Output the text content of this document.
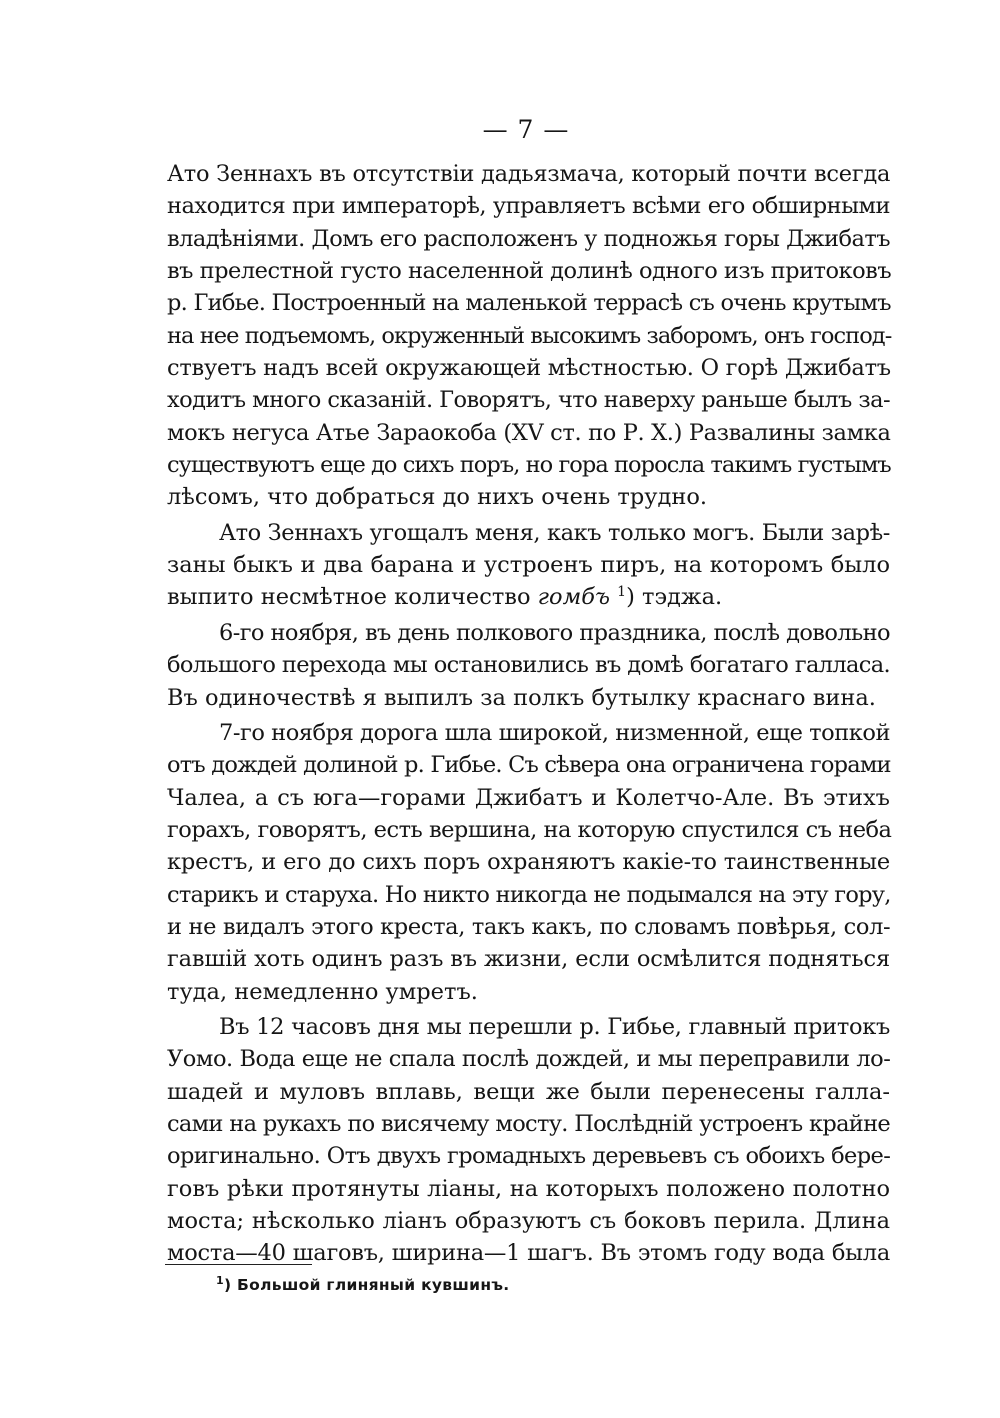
— 7 —
Ато Зеннахъ въ отсутствіи дадьязмача, который почти всегда
находится при императорѣ, управляетъ всѣми его обширными
владѣніями. Домъ его расположенъ у подножья горы Джибатъ
въ прелестной густо населенной долинѣ одного изъ притоковъ
р. Гибье. Построенный на маленькой террасѣ съ очень крутымъ
на нее подъемомъ, окруженный высокимъ заборомъ, онъ господ-
ствуетъ надъ всей окружающей мѣстностью. О горѣ Джибатъ
ходитъ много сказаній. Говорятъ, что наверху раньше былъ за-
мокъ негуса Атье Зараокоба (XV ст. по Р. X.) Развалины замка
существуютъ еще до сихъ поръ, но гора поросла такимъ густымъ
лѣсомъ, что добраться до нихъ очень трудно.
Ато Зеннахъ угощалъ меня, какъ только могъ. Были зарѣ-
заны быкъ и два барана и устроенъ пиръ, на которомъ было
выпито несмѣтное количество гомбъ $^1$) тэджа.
6-го ноября, въ день полкового праздника, послѣ довольно
большого перехода мы остановились въ домѣ богатаго галласа.
Въ одиночествѣ я выпилъ за полкъ бутылку краснаго вина.
7-го ноября дорога шла широкой, низменной, еще топкой
отъ дождей долиной р. Гибье. Съ сѣвера она ограничена горами
Чалеа, а съ юга—горами Джибатъ и Колетчо-Але. Въ этихъ
горахъ, говорятъ, есть вершина, на которую спустился съ неба
крестъ, и его до сихъ поръ охраняютъ какіе-то таинственные
старикъ и старуха. Но никто никогда не подымался на эту гору,
и не видалъ этого креста, такъ какъ, по словамъ повѣрья, сол-
гавшій хоть одинъ разъ въ жизни, если осмѣлится подняться
туда, немедленно умретъ.
Въ 12 часовъ дня мы перешли р. Гибье, главный притокъ
Уомо. Вода еще не спала послѣ дождей, и мы переправили ло-
шадей и муловъ вплавь, вещи же были перенесены галла-
сами на рукахъ по висячему мосту. Послѣдній устроенъ крайне
оригинально. Отъ двухъ громадныхъ деревьевъ съ обоихъ бере-
говъ рѣки протянуты ліаны, на которыхъ положено полотно
моста; нѣсколько ліанъ образуютъ съ боковъ перила. Длина
моста—40 шаговъ, ширина—1 шагъ. Въ этомъ году вода была
$^1$) Большой глиняный кувшинъ.
